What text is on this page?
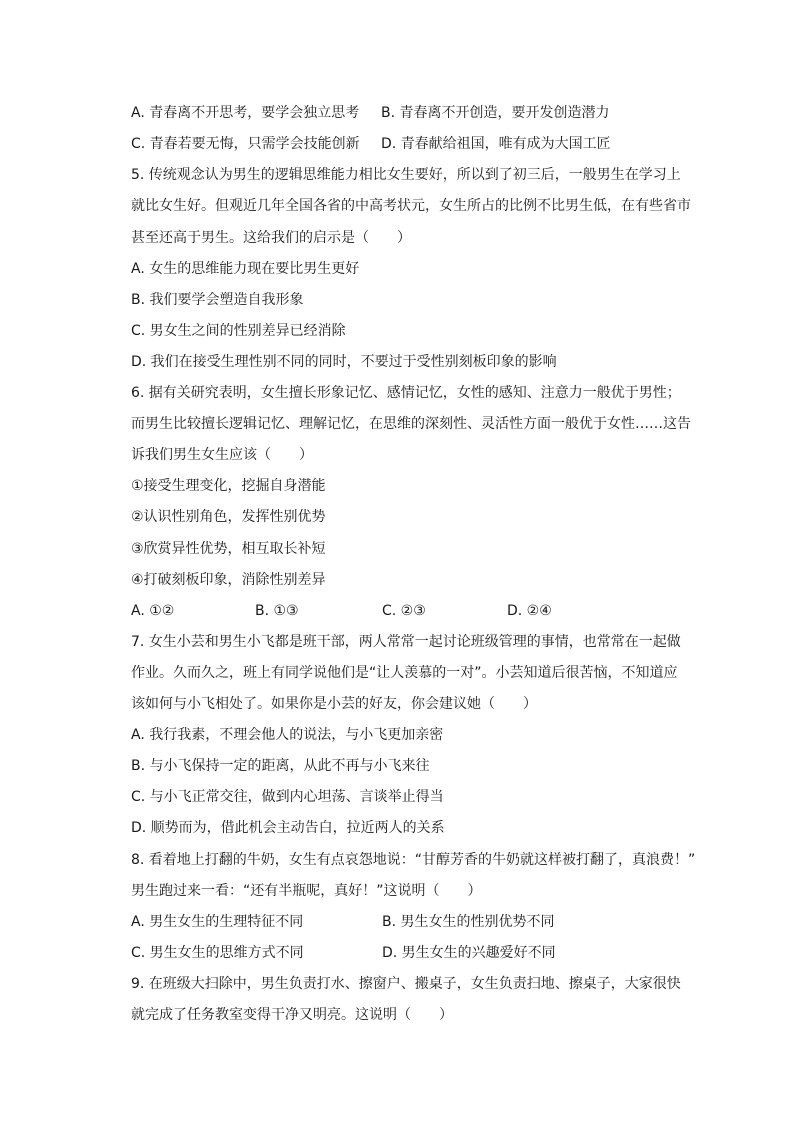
A. 青春离不开思考，要学会独立思考 B. 青春离不开创造，要开发创造潜力
C. 青春若要无悔，只需学会技能创新 D. 青春献给祖国，唯有成为大国工匠
5. 传统观念认为男生的逻辑思维能力相比女生要好，所以到了初三后，一般男生在学习上
就比女生好。但观近几年全国各省的中高考状元，女生所占的比例不比男生低，在有些省市
甚至还高于男生。这给我们的启示是（　　）
A. 女生的思维能力现在要比男生更好
B. 我们要学会塑造自我形象
C. 男女生之间的性别差异已经消除
D. 我们在接受生理性别不同的同时，不要过于受性别刻板印象的影响
6. 据有关研究表明，女生擅长形象记忆、感情记忆，女性的感知、注意力一般优于男性；
而男生比较擅长逻辑记忆、理解记忆，在思维的深刻性、灵活性方面一般优于女性……这告
诉我们男生女生应该（　　）
①接受生理变化，挖掘自身潜能
②认识性别角色，发挥性别优势
③欣赏异性优势，相互取长补短
④打破刻板印象，消除性别差异
A. ①②	B. ①③	C. ②③	D. ②④
7. 女生小芸和男生小飞都是班干部，两人常常一起讨论班级管理的事情，也常常在一起做
作业。久而久之，班上有同学说他们是“让人羡慕的一对”。小芸知道后很苦恼，不知道应
该如何与小飞相处了。如果你是小芸的好友，你会建议她（　　）
A. 我行我素，不理会他人的说法，与小飞更加亲密
B. 与小飞保持一定的距离，从此不再与小飞来往
C. 与小飞正常交往，做到内心坦荡、言谈举止得当
D. 顺势而为，借此机会主动告白，拉近两人的关系
8. 看着地上打翻的牛奶，女生有点哀怨地说：“甘醇芳香的牛奶就这样被打翻了，真浪费！”
男生跑过来一看：“还有半瓶呢，真好！”这说明（　　）
A. 男生女生的生理特征不同	B. 男生女生的性别优势不同
C. 男生女生的思维方式不同	D. 男生女生的兴趣爱好不同
9. 在班级大扫除中，男生负责打水、擦窗户、搬桌子，女生负责扫地、擦桌子，大家很快
就完成了任务教室变得干净又明亮。这说明（　　）
